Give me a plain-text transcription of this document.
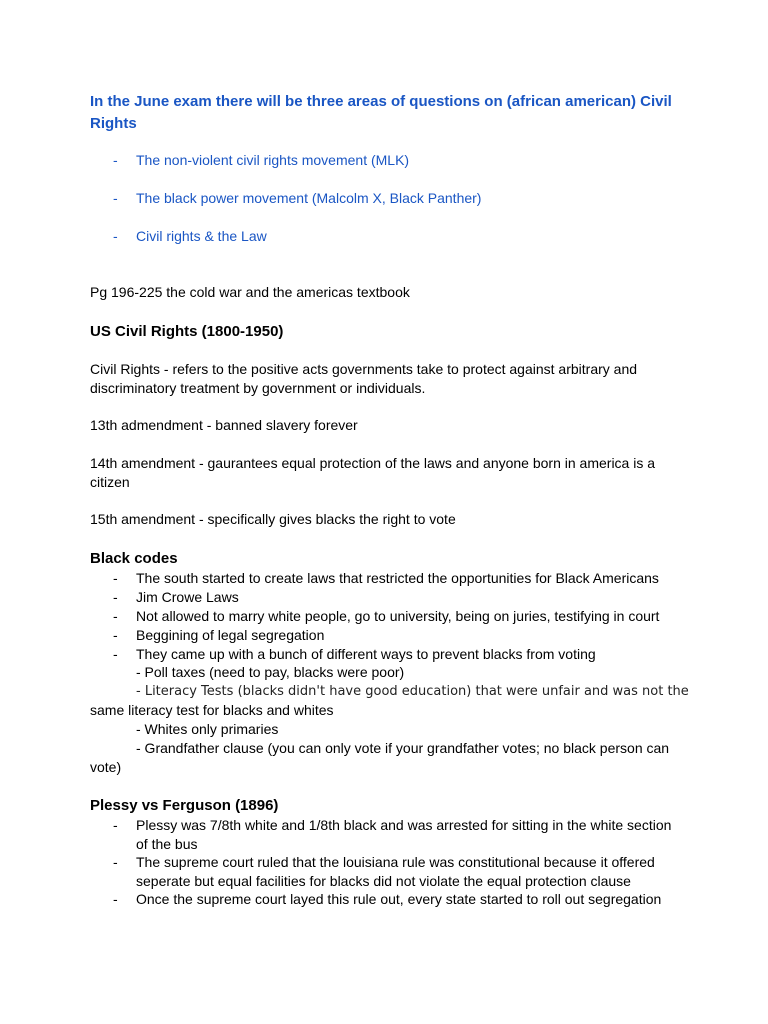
In the June exam there will be three areas of questions on (african american) Civil Rights
-	The non-violent civil rights movement (MLK)
-	The black power movement (Malcolm X, Black Panther)
-	Civil rights & the Law
Pg 196-225 the cold war and the americas textbook
US Civil Rights (1800-1950)
Civil Rights - refers to the positive acts governments take to protect against arbitrary and discriminatory treatment by government or individuals.
13th admendment - banned slavery forever
14th amendment - gaurantees equal protection of the laws and anyone born in america is a citizen
15th amendment - specifically gives blacks the right to vote
Black codes
-	The south started to create laws that restricted the opportunities for Black Americans
-	Jim Crowe Laws
-	Not allowed to marry white people, go to university, being on juries, testifying in court
-	Beggining of legal segregation
-	They came up with a bunch of different ways to prevent blacks from voting
- Poll taxes (need to pay, blacks were poor)
- Literacy Tests (blacks didn't have good education) that were unfair and was not the
same literacy test for blacks and whites
- Whites only primaries
- Grandfather clause (you can only vote if your grandfather votes; no black person can
vote)
Plessy vs Ferguson (1896)
-	Plessy was 7/8th white and 1/8th black and was arrested for sitting in the white section of the bus
-	The supreme court ruled that the louisiana rule was constitutional because it offered seperate but equal facilities for blacks did not violate the equal protection clause
-	Once the supreme court layed this rule out, every state started to roll out segregation
